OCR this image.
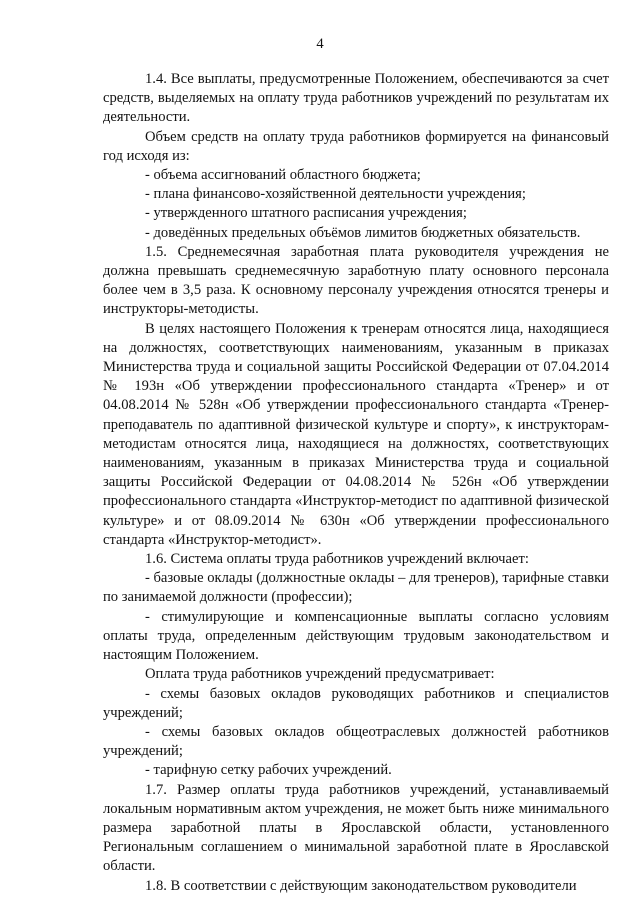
4

1.4. Все выплаты, предусмотренные Положением, обеспечиваются за счет средств, выделяемых на оплату труда работников учреждений по результатам их деятельности.

Объем средств на оплату труда работников формируется на финансовый год исходя из:

- объема ассигнований областного бюджета;

- плана финансово-хозяйственной деятельности учреждения;

- утвержденного штатного расписания учреждения;

- доведённых предельных объёмов лимитов бюджетных обязательств.

1.5. Среднемесячная заработная плата руководителя учреждения не должна превышать среднемесячную заработную плату основного персонала более чем в 3,5 раза. К основному персоналу учреждения относятся тренеры и инструкторы-методисты.

В целях настоящего Положения к тренерам относятся лица, находящиеся на должностях, соответствующих наименованиям, указанным в приказах Министерства труда и социальной защиты Российской Федерации от 07.04.2014 № 193н «Об утверждении профессионального стандарта «Тренер» и от 04.08.2014 № 528н «Об утверждении профессионального стандарта «Тренер-преподаватель по адаптивной физической культуре и спорту», к инструкторам-методистам относятся лица, находящиеся на должностях, соответствующих наименованиям, указанным в приказах Министерства труда и социальной защиты Российской Федерации от 04.08.2014 № 526н «Об утверждении профессионального стандарта «Инструктор-методист по адаптивной физической культуре» и от 08.09.2014 № 630н «Об утверждении профессионального стандарта «Инструктор-методист».

1.6. Система оплаты труда работников учреждений включает:

- базовые оклады (должностные оклады – для тренеров), тарифные ставки по занимаемой должности (профессии);

- стимулирующие и компенсационные выплаты согласно условиям оплаты труда, определенным действующим трудовым законодательством и настоящим Положением.

Оплата труда работников учреждений предусматривает:

- схемы базовых окладов руководящих работников и специалистов учреждений;

- схемы базовых окладов общеотраслевых должностей работников учреждений;

- тарифную сетку рабочих учреждений.

1.7. Размер оплаты труда работников учреждений, устанавливаемый локальным нормативным актом учреждения, не может быть ниже минимального размера заработной платы в Ярославской области, установленного Региональным соглашением о минимальной заработной плате в Ярославской области.

1.8. В соответствии с действующим законодательством руководители
